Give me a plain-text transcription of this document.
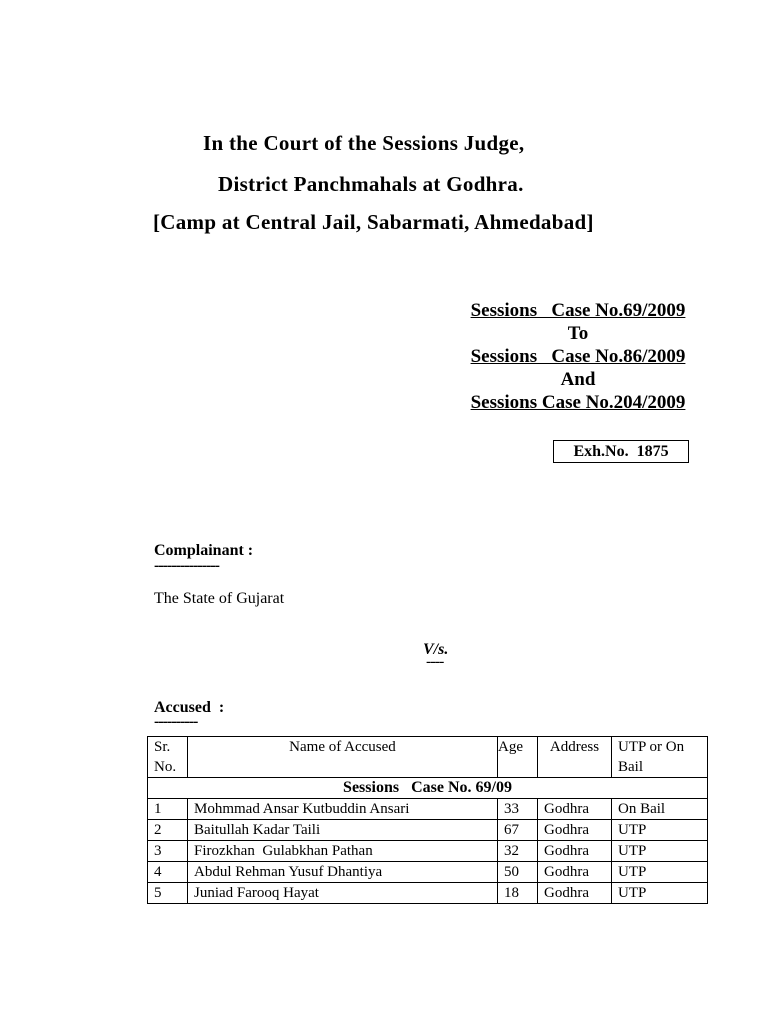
In the Court of the Sessions Judge,
District Panchmahals at Godhra.
[Camp at Central Jail, Sabarmati, Ahmedabad]
Sessions   Case No.69/2009
To
Sessions   Case No.86/2009
And
Sessions Case No.204/2009
Exh.No.  1875
Complainant :
---------------
The State of Gujarat
V/s.
----
Accused  :
----------
Sr. No.	Name of Accused	Age	Address	UTP or On Bail
Sessions   Case No. 69/09				
1	Mohmmad Ansar Kutbuddin Ansari	33	Godhra	On Bail
2	Baitullah Kadar Taili	67	Godhra	UTP
3	Firozkhan  Gulabkhan Pathan	32	Godhra	UTP
4	Abdul Rehman Yusuf Dhantiya	50	Godhra	UTP
5	Juniad Farooq Hayat	18	Godhra	UTP
